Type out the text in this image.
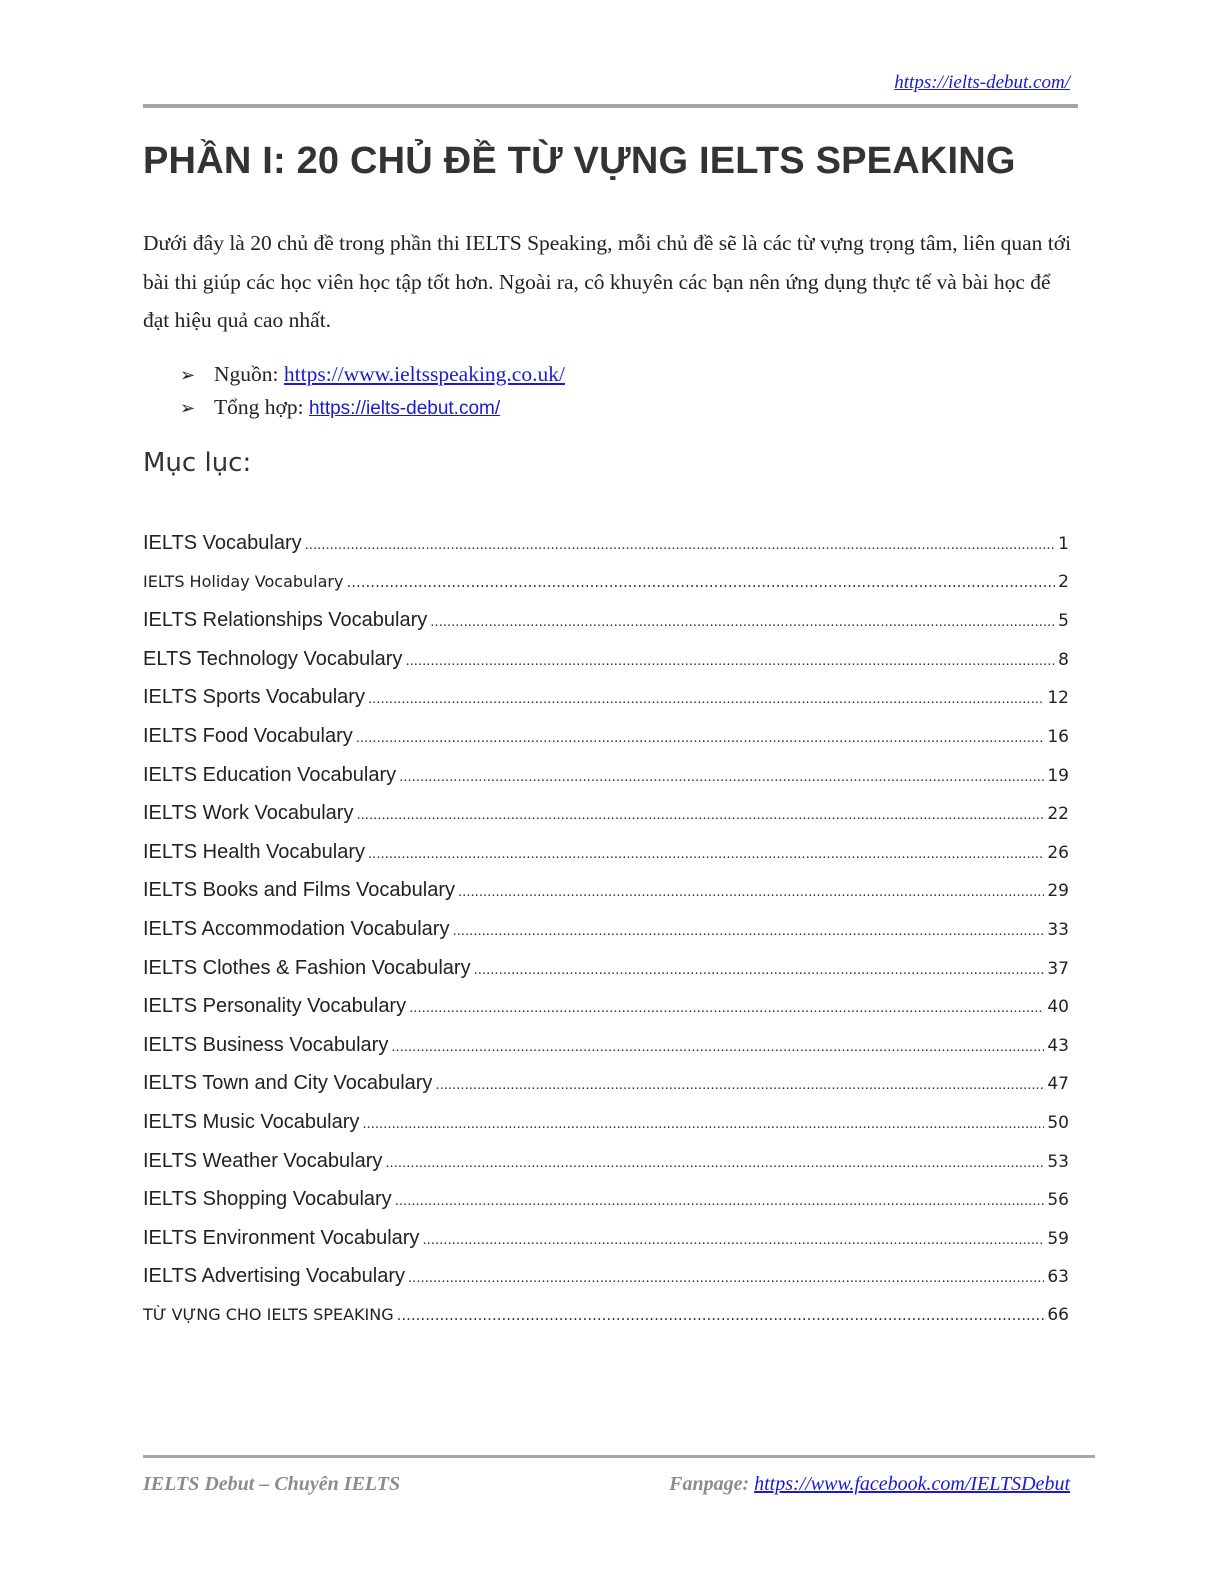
https://ielts-debut.com/
PHẦN I: 20 CHỦ ĐỀ TỪ VỰNG IELTS SPEAKING

Dưới đây là 20 chủ đề trong phần thi IELTS Speaking, mỗi chủ đề sẽ là các từ vựng trọng tâm, liên quan tới bài thi giúp các học viên học tập tốt hơn. Ngoài ra, cô khuyên các bạn nên ứng dụng thực tế và bài học để đạt hiệu quả cao nhất.

➢ Nguồn: https://www.ieltsspeaking.co.uk/
➢ Tổng hợp: https://ielts-debut.com/
Mục lục:
IELTS Vocabulary .....	1
IELTS Holiday Vocabulary .....	2
IELTS Relationships Vocabulary .....	5
ELTS Technology Vocabulary .....	8
IELTS Sports Vocabulary .....	12
IELTS Food Vocabulary .....	16
IELTS Education Vocabulary .....	19
IELTS Work Vocabulary .....	22
IELTS Health Vocabulary .....	26
IELTS Books and Films Vocabulary .....	29
IELTS Accommodation Vocabulary .....	33
IELTS Clothes & Fashion Vocabulary .....	37
IELTS Personality Vocabulary .....	40
IELTS Business Vocabulary .....	43
IELTS Town and City Vocabulary .....	47
IELTS Music Vocabulary .....	50
IELTS Weather Vocabulary .....	53
IELTS Shopping Vocabulary .....	56
IELTS Environment Vocabulary .....	59
IELTS Advertising Vocabulary .....	63
TỪ VỰNG CHO IELTS SPEAKING .....	66
IELTS Debut – Chuyên IELTS	Fanpage: https://www.facebook.com/IELTSDebut
